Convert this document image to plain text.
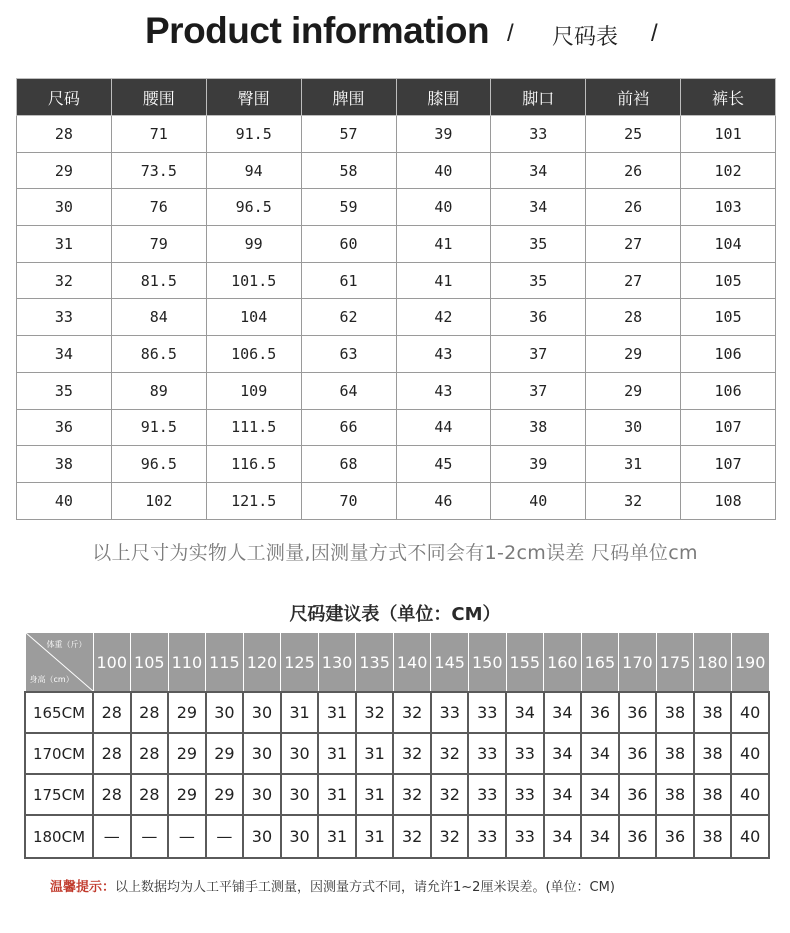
Product information / 尺码表 /
尺码	腰围	臀围	脾围	膝围	脚口	前裆	裤长
28	71	91.5	57	39	33	25	101
29	73.5	94	58	40	34	26	102
30	76	96.5	59	40	34	26	103
31	79	99	60	41	35	27	104
32	81.5	101.5	61	41	35	27	105
33	84	104	62	42	36	28	105
34	86.5	106.5	63	43	37	29	106
35	89	109	64	43	37	29	106
36	91.5	111.5	66	44	38	30	107
38	96.5	116.5	68	45	39	31	107
40	102	121.5	70	46	40	32	108
以上尺寸为实物人工测量,因测量方式不同会有1-2cm误差 尺码单位cm
尺码建议表（单位：CM）
体重（斤）
身高（cm）	100	105	110	115	120	125	130	135	140	145	150	155	160	165	170	175	180	190
165CM	28	28	29	30	30	31	31	32	32	33	33	34	34	36	36	38	38	40
170CM	28	28	29	29	30	30	31	31	32	32	33	33	34	34	36	38	38	40
175CM	28	28	29	29	30	30	31	31	32	32	33	33	34	34	36	38	38	40
180CM	—	—	—	—	30	30	31	31	32	32	33	33	34	34	36	36	38	40
温馨提示：以上数据均为人工平铺手工测量，因测量方式不同，请允许1~2厘米误差。(单位：CM)
